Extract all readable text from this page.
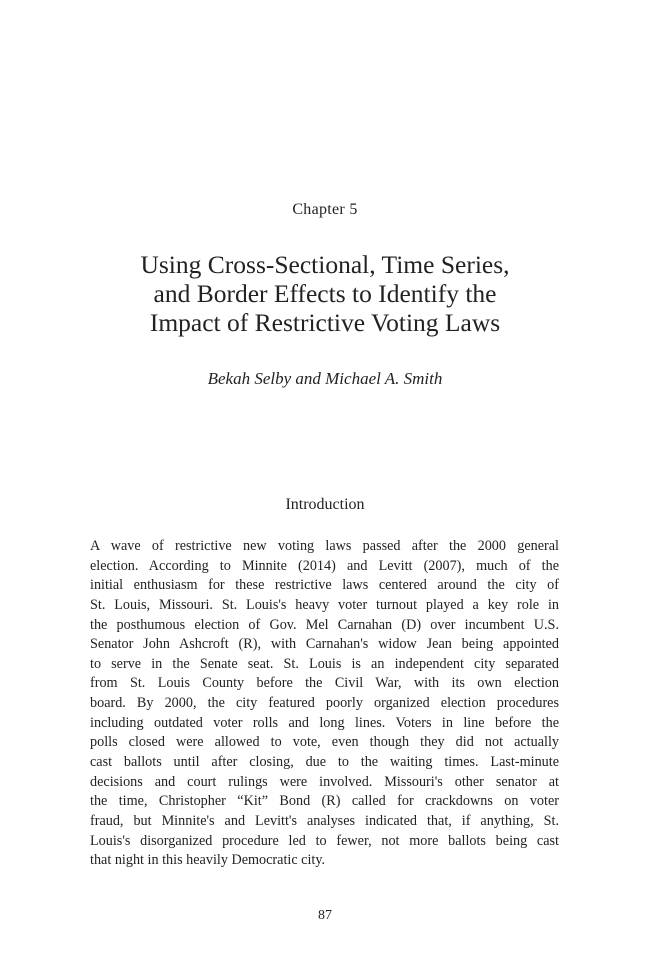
Chapter 5
Using Cross-Sectional, Time Series,
and Border Effects to Identify the
Impact of Restrictive Voting Laws
Bekah Selby and Michael A. Smith
Introduction
A wave of restrictive new voting laws passed after the 2000 general
election. According to Minnite (2014) and Levitt (2007), much of the
initial enthusiasm for these restrictive laws centered around the city of
St. Louis, Missouri. St. Louis's heavy voter turnout played a key role in
the posthumous election of Gov. Mel Carnahan (D) over incumbent U.S.
Senator John Ashcroft (R), with Carnahan's widow Jean being appointed
to serve in the Senate seat. St. Louis is an independent city separated
from St. Louis County before the Civil War, with its own election
board. By 2000, the city featured poorly organized election procedures
including outdated voter rolls and long lines. Voters in line before the
polls closed were allowed to vote, even though they did not actually
cast ballots until after closing, due to the waiting times. Last-minute
decisions and court rulings were involved. Missouri's other senator at
the time, Christopher “Kit” Bond (R) called for crackdowns on voter
fraud, but Minnite's and Levitt's analyses indicated that, if anything, St.
Louis's disorganized procedure led to fewer, not more ballots being cast
that night in this heavily Democratic city.
87
